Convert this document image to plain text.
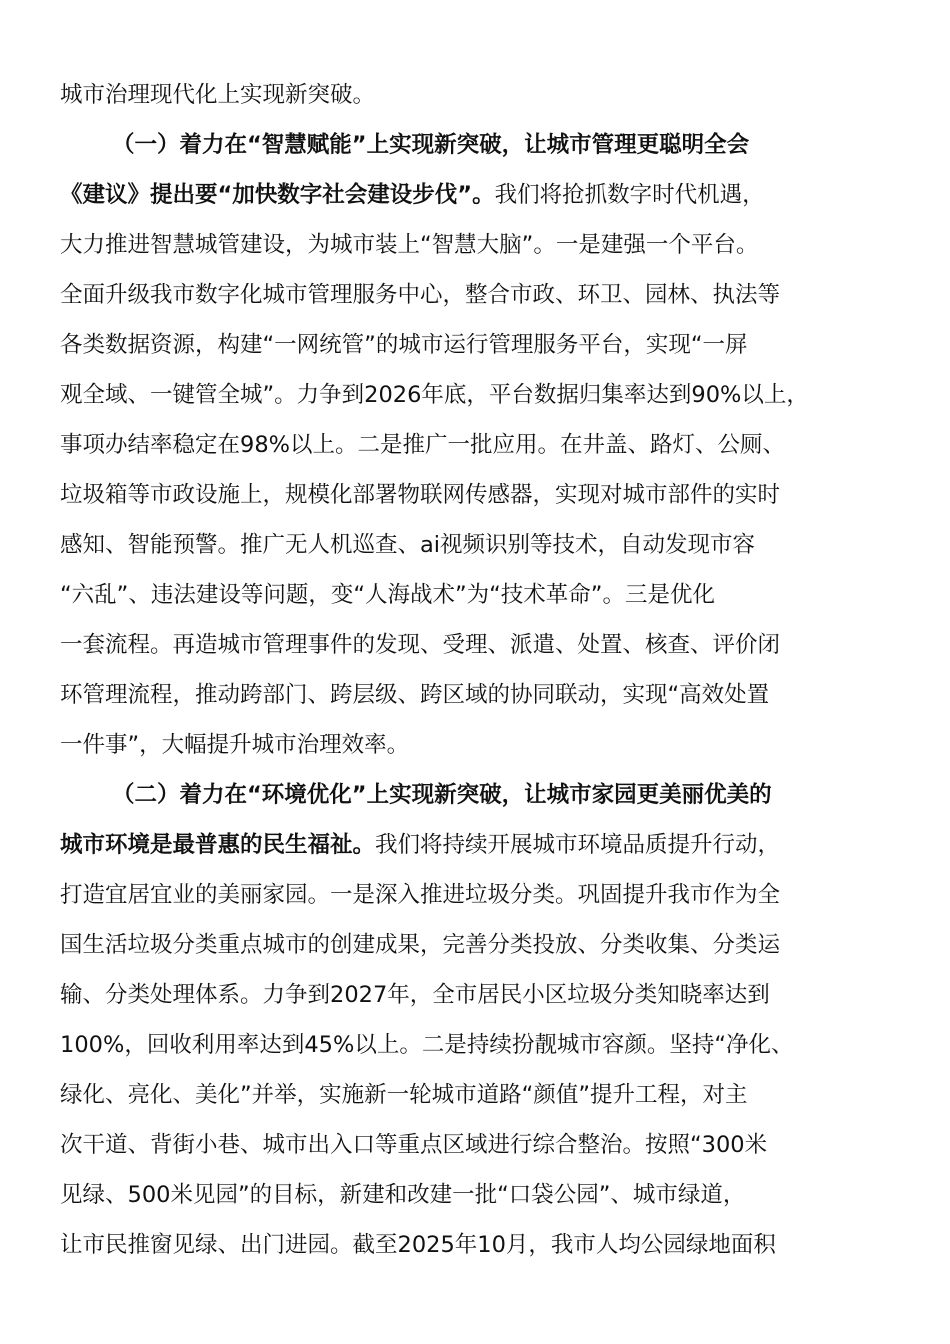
城市治理现代化上实现新突破。
（一）着力在“智慧赋能”上实现新突破，让城市管理更聪明全会
《建议》提出要“加快数字社会建设步伐”。我们将抢抓数字时代机遇，
大力推进智慧城管建设，为城市装上“智慧大脑”。一是建强一个平台。
全面升级我市数字化城市管理服务中心，整合市政、环卫、园林、执法等
各类数据资源，构建“一网统管”的城市运行管理服务平台，实现“一屏
观全域、一键管全城”。力争到2026年底，平台数据归集率达到90%以上，
事项办结率稳定在98%以上。二是推广一批应用。在井盖、路灯、公厕、
垃圾箱等市政设施上，规模化部署物联网传感器，实现对城市部件的实时
感知、智能预警。推广无人机巡查、ai视频识别等技术，自动发现市容
“六乱”、违法建设等问题，变“人海战术”为“技术革命”。三是优化
一套流程。再造城市管理事件的发现、受理、派遣、处置、核查、评价闭
环管理流程，推动跨部门、跨层级、跨区域的协同联动，实现“高效处置
一件事”，大幅提升城市治理效率。
（二）着力在“环境优化”上实现新突破，让城市家园更美丽优美的
城市环境是最普惠的民生福祉。我们将持续开展城市环境品质提升行动，
打造宜居宜业的美丽家园。一是深入推进垃圾分类。巩固提升我市作为全
国生活垃圾分类重点城市的创建成果，完善分类投放、分类收集、分类运
输、分类处理体系。力争到2027年，全市居民小区垃圾分类知晓率达到
100%，回收利用率达到45%以上。二是持续扮靓城市容颜。坚持“净化、
绿化、亮化、美化”并举，实施新一轮城市道路“颜值”提升工程，对主
次干道、背街小巷、城市出入口等重点区域进行综合整治。按照“300米
见绿、500米见园”的目标，新建和改建一批“口袋公园”、城市绿道，
让市民推窗见绿、出门进园。截至2025年10月，我市人均公园绿地面积
